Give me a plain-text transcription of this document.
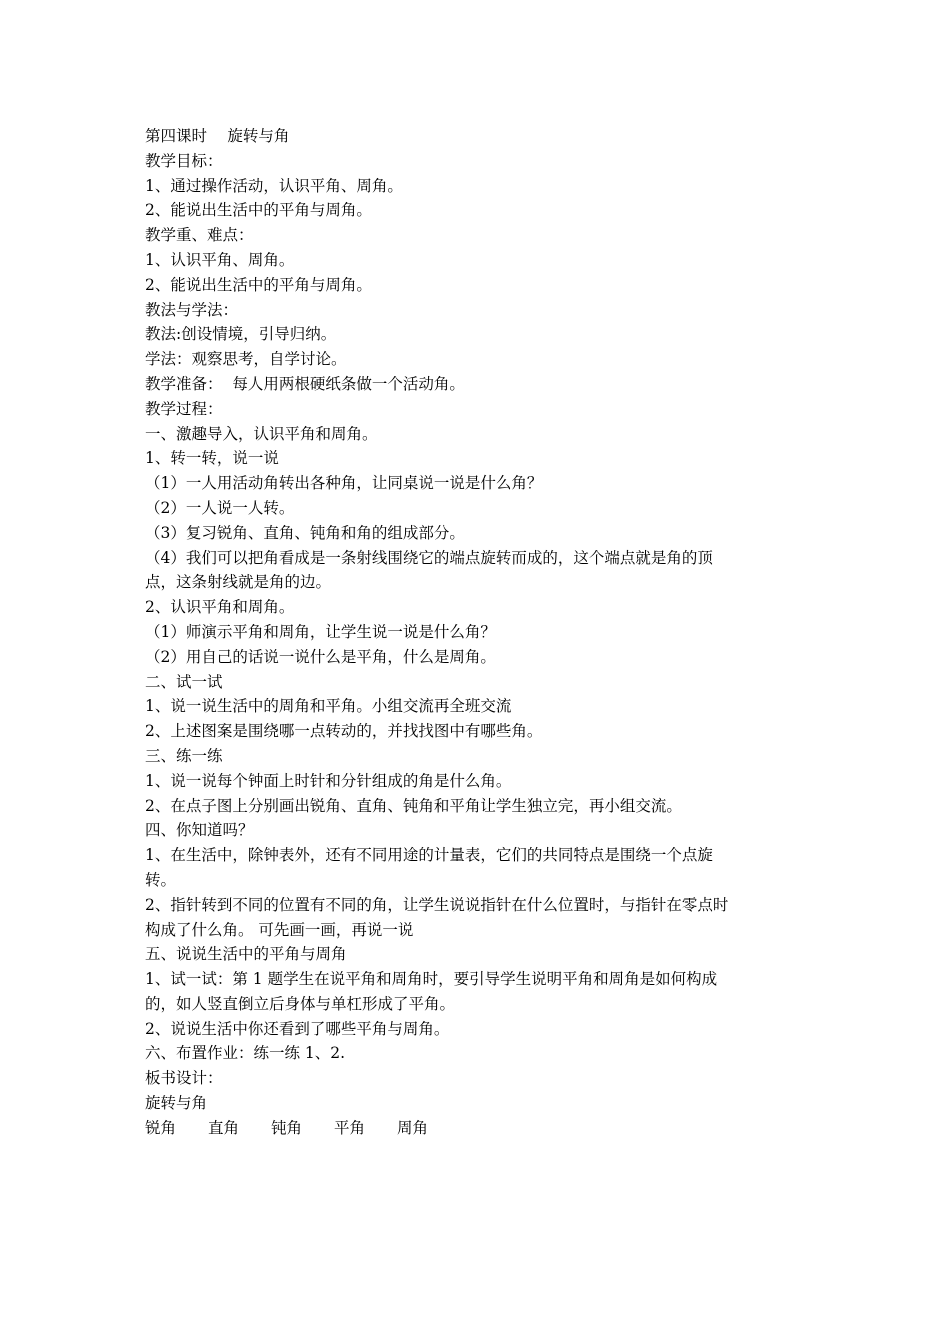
第四课时　 旋转与角

教学目标：

1、通过操作活动，认识平角、周角。

2、能说出生活中的平角与周角。

教学重、难点：

1、认识平角、周角。

2、能说出生活中的平角与周角。

教法与学法：

教法:创设情境，引导归纳。

学法：观察思考，自学讨论。

教学准备：  每人用两根硬纸条做一个活动角。

教学过程：

一、激趣导入，认识平角和周角。

1、转一转，说一说

（1）一人用活动角转出各种角，让同桌说一说是什么角？

（2）一人说一人转。

（3）复习锐角、直角、钝角和角的组成部分。

（4）我们可以把角看成是一条射线围绕它的端点旋转而成的，这个端点就是角的顶点，这条射线就是角的边。

2、认识平角和周角。

（1）师演示平角和周角，让学生说一说是什么角？

（2）用自己的话说一说什么是平角，什么是周角。

二、试一试

1、说一说生活中的周角和平角。小组交流再全班交流

2、上述图案是围绕哪一点转动的，并找找图中有哪些角。

三、练一练

1、说一说每个钟面上时针和分针组成的角是什么角。

2、在点子图上分别画出锐角、直角、钝角和平角让学生独立完，再小组交流。

四、你知道吗？

1、在生活中，除钟表外，还有不同用途的计量表，它们的共同特点是围绕一个点旋转。

2、指针转到不同的位置有不同的角，让学生说说指针在什么位置时，与指针在零点时构成了什么角。 可先画一画，再说一说

五、说说生活中的平角与周角

1、试一试：第 1 题学生在说平角和周角时，要引导学生说明平角和周角是如何构成的，如人竖直倒立后身体与单杠形成了平角。

2、说说生活中你还看到了哪些平角与周角。

六、布置作业：练一练 1、2.

板书设计：

旋转与角

锐角	直角	钝角	平角	周角
